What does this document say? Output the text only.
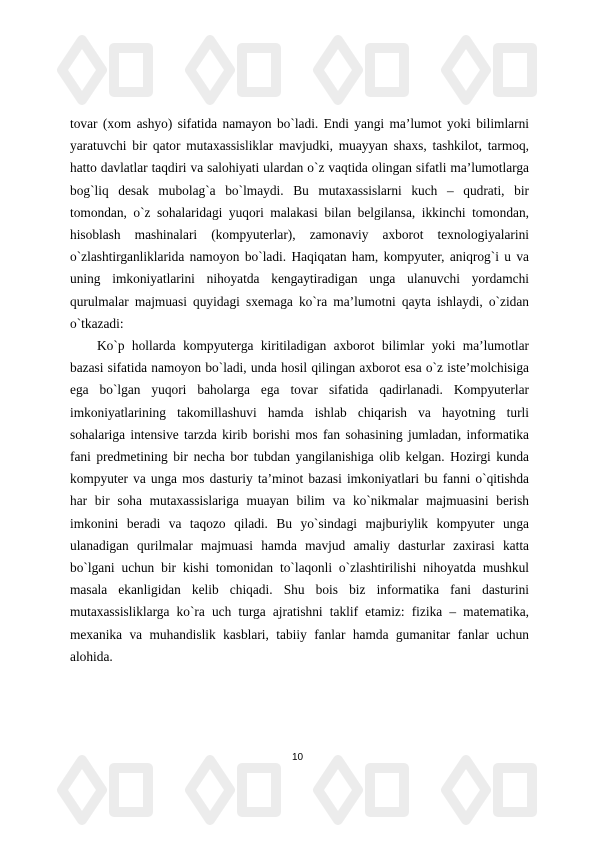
tovar (xom ashyo) sifatida namayon bo`ladi. Endi yangi ma’lumot yoki bilimlarni yaratuvchi bir qator mutaxassisliklar mavjudki, muayyan shaxs, tashkilot, tarmoq, hatto davlatlar taqdiri va salohiyati ulardan o`z vaqtida olingan sifatli ma’lumotlarga bog`liq desak mubolag`a bo`lmaydi. Bu mutaxassislarni kuch – qudrati, bir tomondan, o`z sohalaridagi yuqori malakasi bilan belgilansa, ikkinchi tomondan, hisoblash mashinalari (kompyuterlar), zamonaviy axborot texnologiyalarini o`zlashtirganliklarida namoyon bo`ladi. Haqiqatan ham, kompyuter, aniqrog`i u va uning imkoniyatlarini nihoyatda kengaytiradigan unga ulanuvchi yordamchi qurulmalar majmuasi quyidagi sxemaga ko`ra ma’lumotni qayta ishlaydi, o`zidan o`tkazadi:

Ko`p hollarda kompyuterga kiritiladigan axborot bilimlar yoki ma’lumotlar bazasi sifatida namoyon bo`ladi, unda hosil qilingan axborot esa o`z iste’molchisiga ega bo`lgan yuqori baholarga ega tovar sifatida qadirlanadi. Kompyuterlar imkoniyatlarining takomillashuvi hamda ishlab chiqarish va hayotning turli sohalariga intensive tarzda kirib borishi mos fan sohasining jumladan, informatika fani predmetining bir necha bor tubdan yangilanishiga olib kelgan. Hozirgi kunda kompyuter va unga mos dasturiy ta’minot bazasi imkoniyatlari bu fanni o`qitishda har bir soha mutaxassislariga muayan bilim va ko`nikmalar majmuasini berish imkonini beradi va taqozo qiladi. Bu yo`sindagi majburiylik kompyuter unga ulanadigan qurilmalar majmuasi hamda mavjud amaliy dasturlar zaxirasi katta bo`lgani uchun bir kishi tomonidan to`laqonli o`zlashtirilishi nihoyatda mushkul masala ekanligidan kelib chiqadi. Shu bois biz informatika fani dasturini mutaxassisliklarga ko`ra uch turga ajratishni taklif etamiz: fizika – matematika, mexanika va muhandislik kasblari, tabiiy fanlar hamda gumanitar fanlar uchun alohida.

10
